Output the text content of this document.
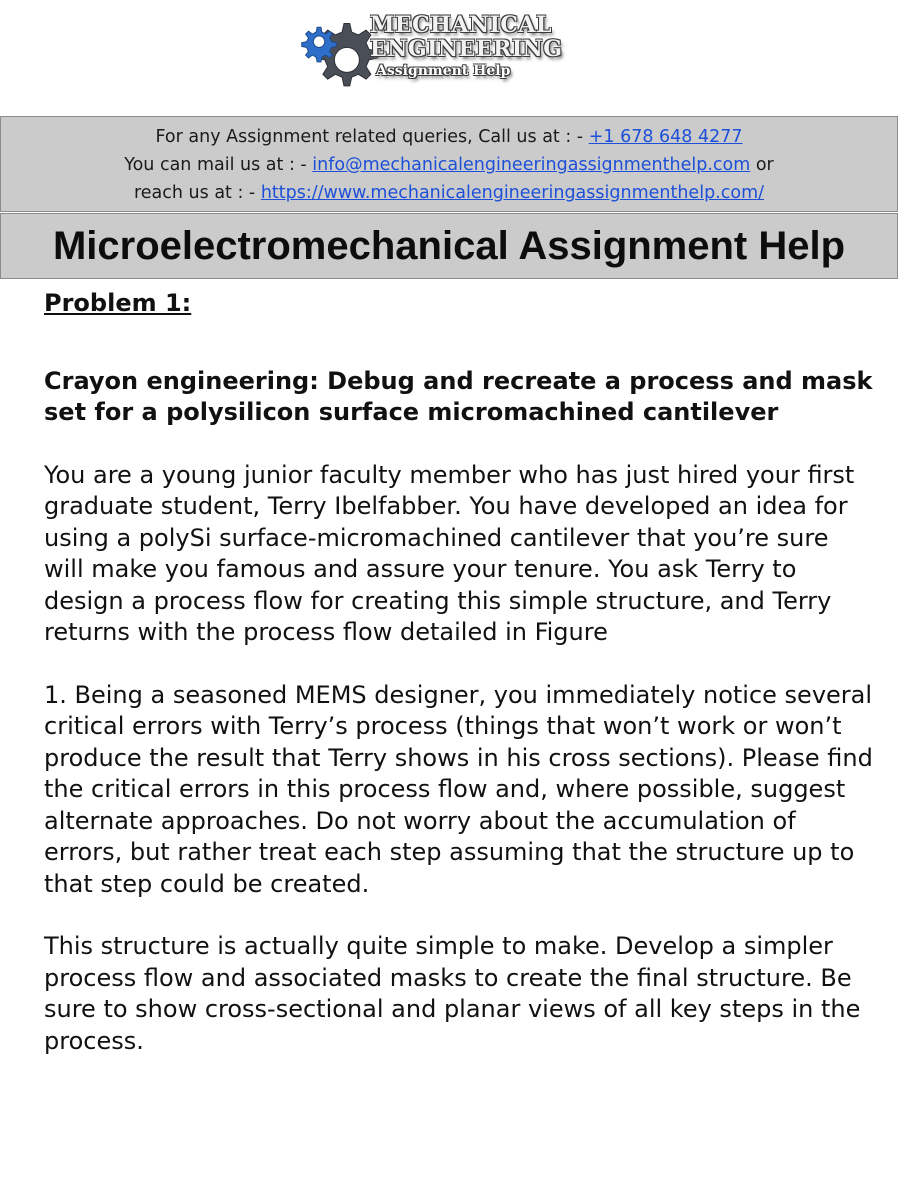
MECHANICAL
ENGINEERING
Assignment Help
For any Assignment related queries, Call us at : - +1 678 648 4277
You can mail us at : - info@mechanicalengineeringassignmenthelp.com or
reach us at : - https://www.mechanicalengineeringassignmenthelp.com/
Microelectromechanical Assignment Help

Problem 1:

Crayon engineering: Debug and recreate a process and mask set for a polysilicon surface micromachined cantilever

You are a young junior faculty member who has just hired your first graduate student, Terry Ibelfabber. You have developed an idea for using a polySi surface-micromachined cantilever that you’re sure will make you famous and assure your tenure. You ask Terry to design a process flow for creating this simple structure, and Terry returns with the process flow detailed in Figure

1. Being a seasoned MEMS designer, you immediately notice several critical errors with Terry’s process (things that won’t work or won’t produce the result that Terry shows in his cross sections). Please find the critical errors in this process flow and, where possible, suggest alternate approaches. Do not worry about the accumulation of errors, but rather treat each step assuming that the structure up to that step could be created.

This structure is actually quite simple to make. Develop a simpler process flow and associated masks to create the final structure. Be sure to show cross-sectional and planar views of all key steps in the process.
